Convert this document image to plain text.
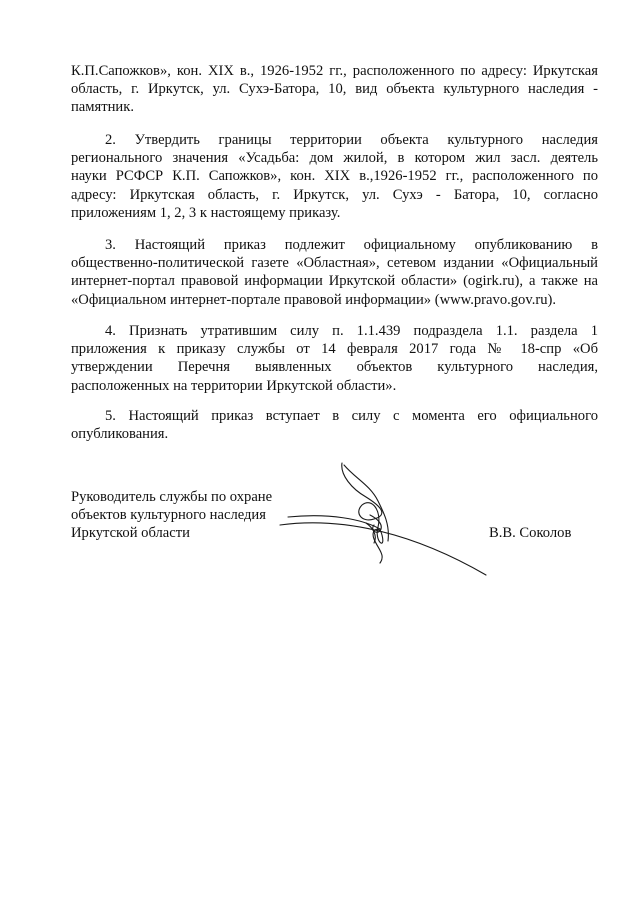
К.П.Сапожков», кон. XIX в., 1926-1952 гг., расположенного по адресу: Иркутская
область, г. Иркутск, ул. Сухэ-Батора, 10, вид объекта культурного наследия -
памятник.
2. Утвердить границы территории объекта культурного наследия
регионального значения «Усадьба: дом жилой, в котором жил засл. деятель
науки РСФСР К.П. Сапожков», кон. XIX в.,1926-1952 гг., расположенного по
адресу: Иркутская область, г. Иркутск, ул. Сухэ - Батора, 10, согласно
приложениям 1, 2, 3 к настоящему приказу.
3. Настоящий приказ подлежит официальному опубликованию в
общественно-политической газете «Областная», сетевом издании «Официальный
интернет-портал правовой информации Иркутской области» (ogirk.ru), а также на
«Официальном интернет-портале правовой информации» (www.pravo.gov.ru).
4. Признать утратившим силу п. 1.1.439 подраздела 1.1. раздела 1
приложения к приказу службы от 14 февраля 2017 года № 18-спр «Об
утверждении Перечня выявленных объектов культурного наследия,
расположенных на территории Иркутской области».
5. Настоящий приказ вступает в силу с момента его официального
опубликования.
Руководитель службы по охране
объектов культурного наследия
Иркутской области	В.В. Соколов
